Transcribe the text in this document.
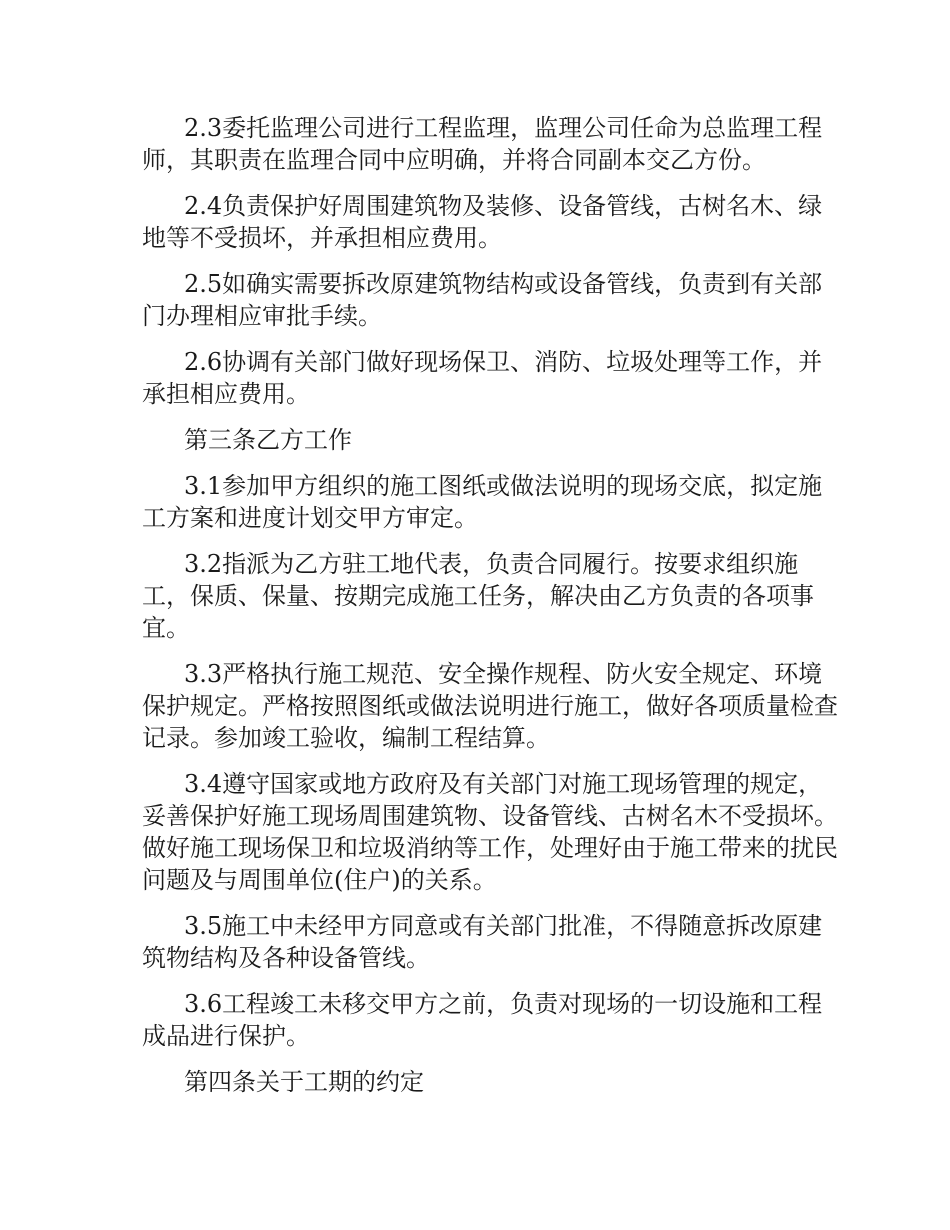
2.3委托监理公司进行工程监理，监理公司任命为总监理工程师，其职责在监理合同中应明确，并将合同副本交乙方份。

2.4负责保护好周围建筑物及装修、设备管线，古树名木、绿地等不受损坏，并承担相应费用。

2.5如确实需要拆改原建筑物结构或设备管线，负责到有关部门办理相应审批手续。

2.6协调有关部门做好现场保卫、消防、垃圾处理等工作，并承担相应费用。

第三条乙方工作

3.1参加甲方组织的施工图纸或做法说明的现场交底，拟定施工方案和进度计划交甲方审定。

3.2指派为乙方驻工地代表，负责合同履行。按要求组织施工，保质、保量、按期完成施工任务，解决由乙方负责的各项事宜。

3.3严格执行施工规范、安全操作规程、防火安全规定、环境保护规定。严格按照图纸或做法说明进行施工，做好各项质量检查记录。参加竣工验收，编制工程结算。

3.4遵守国家或地方政府及有关部门对施工现场管理的规定，妥善保护好施工现场周围建筑物、设备管线、古树名木不受损坏。做好施工现场保卫和垃圾消纳等工作，处理好由于施工带来的扰民问题及与周围单位(住户)的关系。

3.5施工中未经甲方同意或有关部门批准，不得随意拆改原建筑物结构及各种设备管线。

3.6工程竣工未移交甲方之前，负责对现场的一切设施和工程成品进行保护。

第四条关于工期的约定
